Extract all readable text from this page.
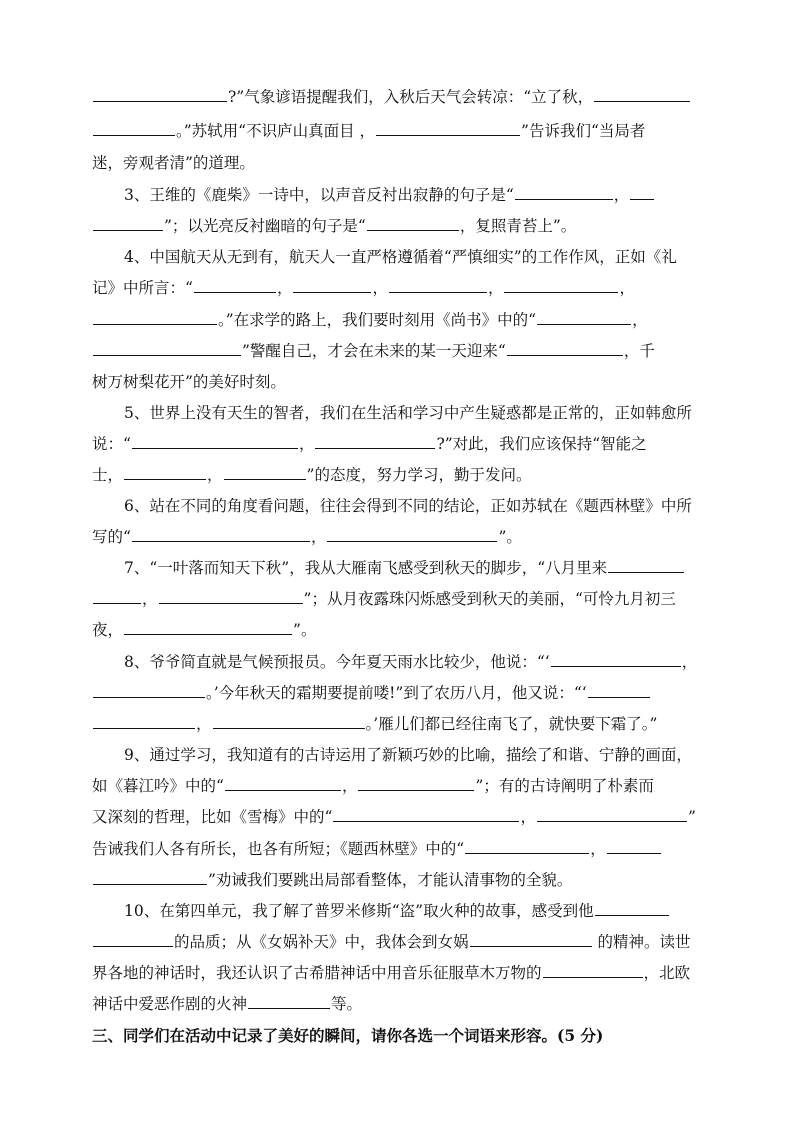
?”气象谚语提醒我们，入秋后天气会转凉：“立了秋，
。”苏轼用“不识庐山真面目 ，	”告诉我们“当局者
迷，旁观者清”的道理。
3、王维的《鹿柴》一诗中，以声音反衬出寂静的句子是“	，
”；以光亮反衬幽暗的句子是“	，复照青苔上”。
4、中国航天从无到有，航天人一直严格遵循着“严慎细实”的工作作风，正如《礼
记》中所言：“	，	，	，	，
。”在求学的路上，我们要时刻用《尚书》中的“	，
”警醒自己，才会在未来的某一天迎来“	，千
树万树梨花开”的美好时刻。
5、世界上没有天生的智者，我们在生活和学习中产生疑惑都是正常的，正如韩愈所
说：“	，	?”对此，我们应该保持“智能之
士，	，	”的态度，努力学习，勤于发问。
6、站在不同的角度看问题，往往会得到不同的结论，正如苏轼在《题西林壁》中所
写的“	，	”。
7、“一叶落而知天下秋”，我从大雁南飞感受到秋天的脚步，“八月里来
，	”；从月夜露珠闪烁感受到秋天的美丽，“可怜九月初三
夜，	”。
8、爷爷简直就是气候预报员。今年夏天雨水比较少，他说：“‘	，
。’今年秋天的霜期要提前喽!”到了农历八月，他又说：“‘
，	。’雁儿们都已经往南飞了，就快要下霜了。”
9、通过学习，我知道有的古诗运用了新颖巧妙的比喻，描绘了和谐、宁静的画面，
如《暮江吟》中的“	，	”；有的古诗阐明了朴素而
又深刻的哲理，比如《雪梅》中的“	，	”
告诫我们人各有所长，也各有所短；《题西林壁》中的“	，
”劝诫我们要跳出局部看整体，才能认清事物的全貌。
10、在第四单元，我了解了普罗米修斯“盗”取火种的故事，感受到他
的品质；从《女娲补天》中，我体会到女娲	的精神。读世
界各地的神话时，我还认识了古希腊神话中用音乐征服草木万物的	，北欧
神话中爱恶作剧的火神	等。
三、同学们在活动中记录了美好的瞬间，请你各选一个词语来形容。(5 分)
